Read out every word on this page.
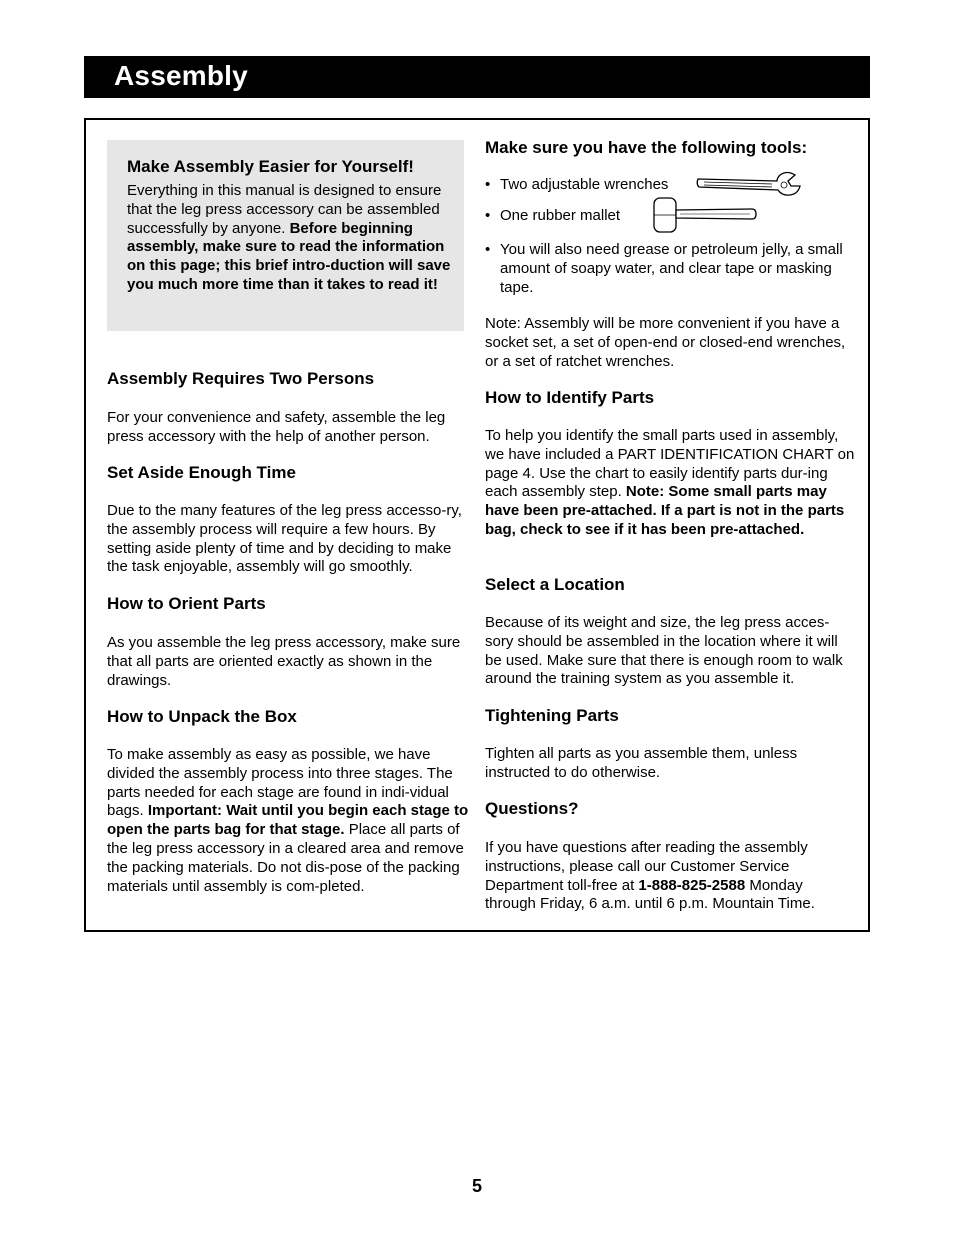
Assembly
Make Assembly Easier for Yourself!

Everything in this manual is designed to ensure that the leg press accessory can be assembled successfully by anyone. Before beginning assembly, make sure to read the information on this page; this brief intro-duction will save you much more time than it takes to read it!

Assembly Requires Two Persons

For your convenience and safety, assemble the leg press accessory with the help of another person.

Set Aside Enough Time

Due to the many features of the leg press accesso-ry, the assembly process will require a few hours. By setting aside plenty of time and by deciding to make the task enjoyable, assembly will go smoothly.

How to Orient Parts

As you assemble the leg press accessory, make sure that all parts are oriented exactly as shown in the drawings.

How to Unpack the Box

To make assembly as easy as possible, we have divided the assembly process into three stages. The parts needed for each stage are found in indi-vidual bags. Important: Wait until you begin each stage to open the parts bag for that stage. Place all parts of the leg press accessory in a cleared area and remove the packing materials. Do not dis-pose of the packing materials until assembly is com-pleted.

Make sure you have the following tools:
• Two adjustable wrenches
• One rubber mallet
• You will also need grease or petroleum jelly, a small amount of soapy water, and clear tape or masking tape.

Note: Assembly will be more convenient if you have a socket set, a set of open-end or closed-end wrenches, or a set of ratchet wrenches.

How to Identify Parts

To help you identify the small parts used in assembly, we have included a PART IDENTIFICATION CHART on page 4. Use the chart to easily identify parts dur-ing each assembly step. Note: Some small parts may have been pre-attached. If a part is not in the parts bag, check to see if it has been pre-attached.

Select a Location

Because of its weight and size, the leg press acces-sory should be assembled in the location where it will be used. Make sure that there is enough room to walk around the training system as you assemble it.

Tightening Parts

Tighten all parts as you assemble them, unless instructed to do otherwise.

Questions?

If you have questions after reading the assembly instructions, please call our Customer Service Department toll-free at 1-888-825-2588 Monday through Friday, 6 a.m. until 6 p.m. Mountain Time.

5
